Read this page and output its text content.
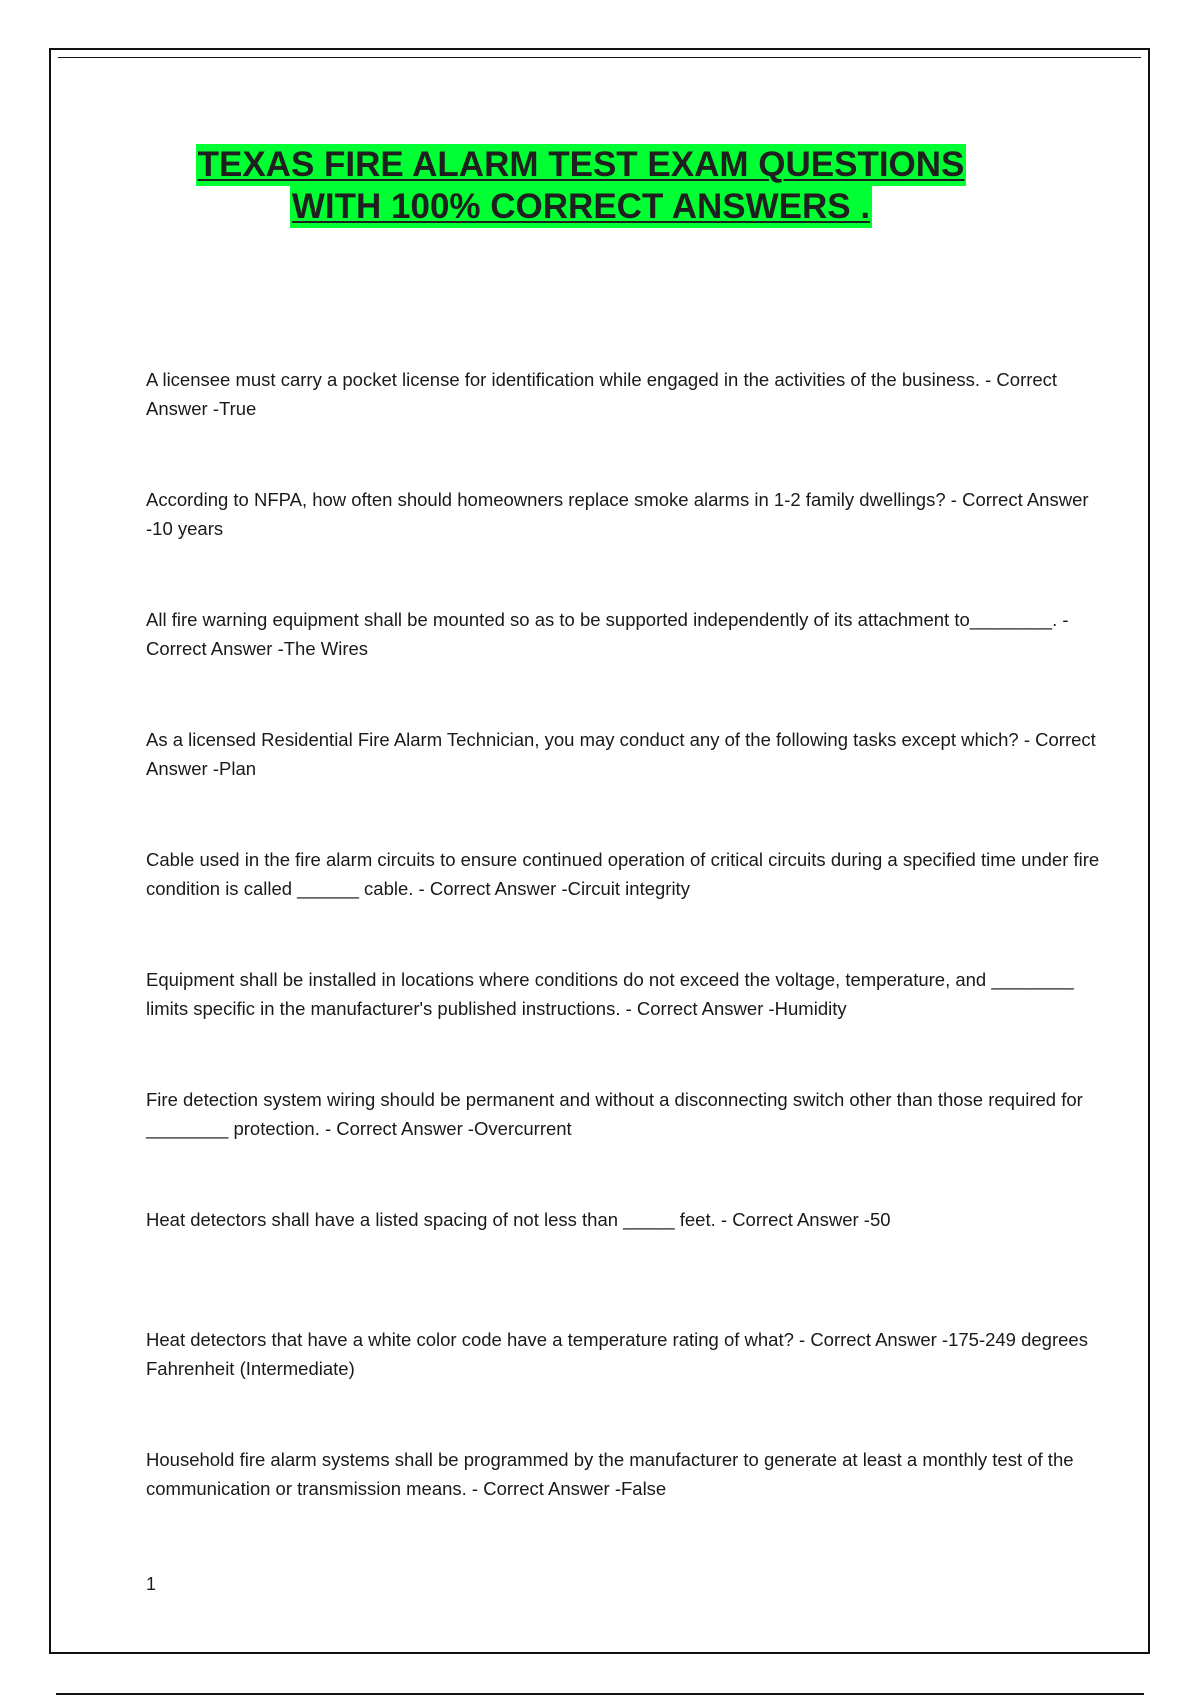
TEXAS FIRE ALARM TEST EXAM QUESTIONS
WITH 100% CORRECT ANSWERS .
A licensee must carry a pocket license for identification while engaged in the activities of the business. - Correct Answer -True
According to NFPA, how often should homeowners replace smoke alarms in 1-2 family dwellings? - Correct Answer -10 years
All fire warning equipment shall be mounted so as to be supported independently of its attachment to________. - Correct Answer -The Wires
As a licensed Residential Fire Alarm Technician, you may conduct any of the following tasks except which? - Correct Answer -Plan
Cable used in the fire alarm circuits to ensure continued operation of critical circuits during a specified time under fire condition is called ______ cable. - Correct Answer -Circuit integrity
Equipment shall be installed in locations where conditions do not exceed the voltage, temperature, and ________ limits specific in the manufacturer's published instructions. - Correct Answer -Humidity
Fire detection system wiring should be permanent and without a disconnecting switch other than those required for ________ protection. - Correct Answer -Overcurrent
Heat detectors shall have a listed spacing of not less than _____ feet. - Correct Answer -50
Heat detectors that have a white color code have a temperature rating of what? - Correct Answer -175-249 degrees Fahrenheit (Intermediate)
Household fire alarm systems shall be programmed by the manufacturer to generate at least a monthly test of the communication or transmission means. - Correct Answer -False
1
